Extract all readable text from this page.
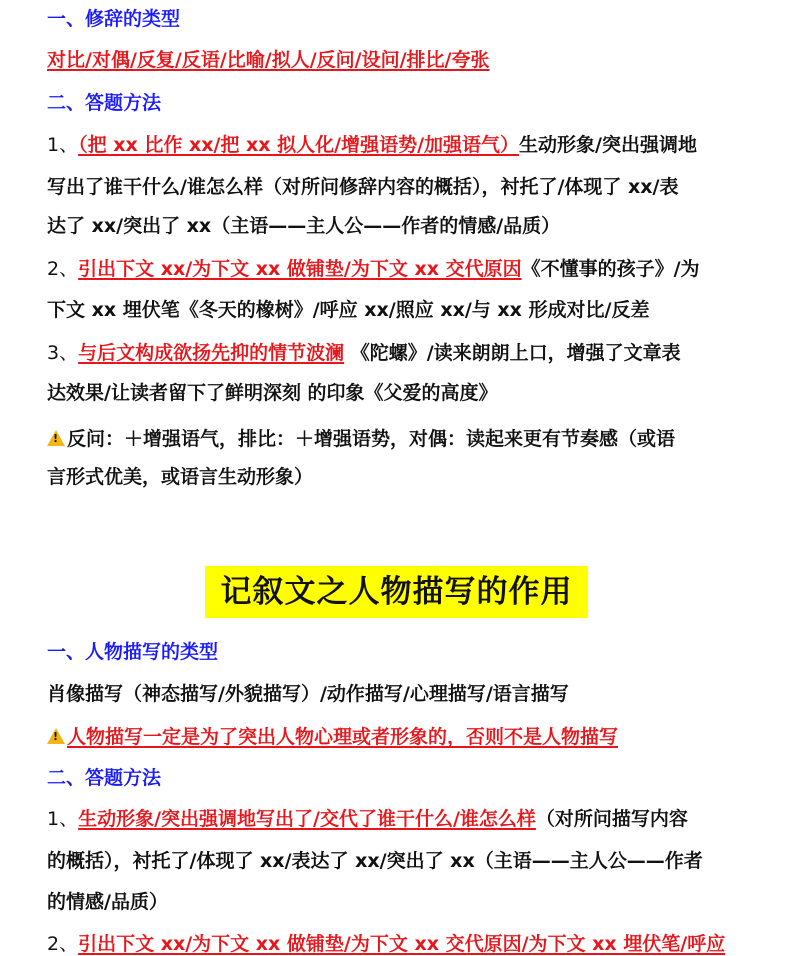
一、修辞的类型
对比/对偶/反复/反语/比喻/拟人/反问/设问/排比/夸张
二、答题方法
1、（把 xx 比作 xx/把 xx 拟人化/增强语势/加强语气）生动形象/突出强调地
写出了谁干什么/谁怎么样（对所问修辞内容的概括），衬托了/体现了 xx/表
达了 xx/突出了 xx（主语——主人公——作者的情感/品质）
2、引出下文 xx/为下文 xx 做铺垫/为下文 xx 交代原因《不懂事的孩子》/为
下文 xx 埋伏笔《冬天的橡树》/呼应 xx/照应 xx/与 xx 形成对比/反差
3、与后文构成欲扬先抑的情节波澜 《陀螺》/读来朗朗上口，增强了文章表
达效果/让读者留下了鲜明深刻 的印象《父爱的高度》
!反问：＋增强语气，排比：＋增强语势，对偶：读起来更有节奏感（或语
言形式优美，或语言生动形象）
记叙文之人物描写的作用
一、人物描写的类型
肖像描写（神态描写/外貌描写）/动作描写/心理描写/语言描写
!人物描写一定是为了突出人物心理或者形象的，否则不是人物描写
二、答题方法
1、生动形象/突出强调地写出了/交代了谁干什么/谁怎么样（对所问描写内容
的概括），衬托了/体现了 xx/表达了 xx/突出了 xx（主语——主人公——作者
的情感/品质）
2、引出下文 xx/为下文 xx 做铺垫/为下文 xx 交代原因/为下文 xx 埋伏笔/呼应
